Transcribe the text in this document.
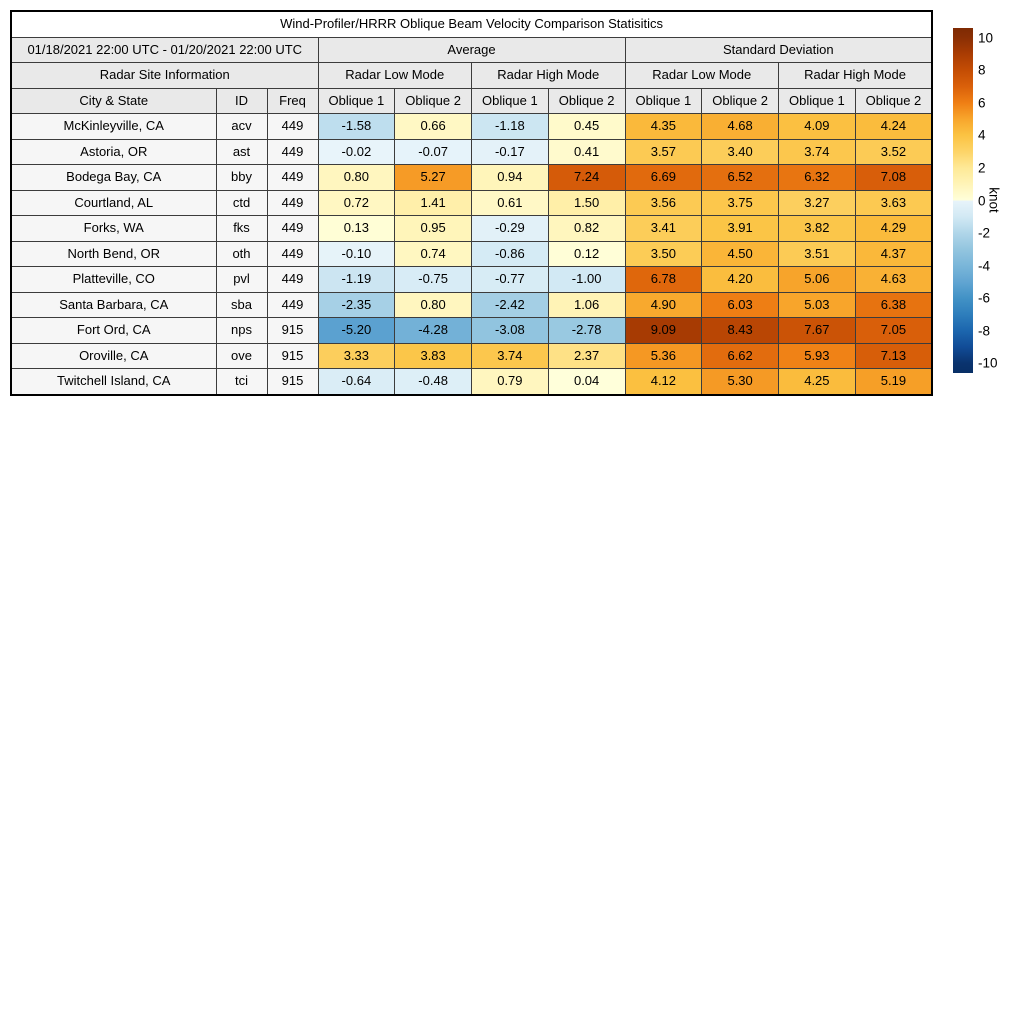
Wind-Profiler/HRRR Oblique Beam Velocity Comparison Statisitics										
01/18/2021 22:00 UTC - 01/20/2021 22:00 UTC			Average				Standard Deviation			
Radar Site Information			Radar Low Mode		Radar High Mode		Radar Low Mode		Radar High Mode	
City & State	ID	Freq	Oblique 1	Oblique 2	Oblique 1	Oblique 2	Oblique 1	Oblique 2	Oblique 1	Oblique 2
McKinleyville, CA	acv	449	-1.58	0.66	-1.18	0.45	4.35	4.68	4.09	4.24
Astoria, OR	ast	449	-0.02	-0.07	-0.17	0.41	3.57	3.40	3.74	3.52
Bodega Bay, CA	bby	449	0.80	5.27	0.94	7.24	6.69	6.52	6.32	7.08
Courtland, AL	ctd	449	0.72	1.41	0.61	1.50	3.56	3.75	3.27	3.63
Forks, WA	fks	449	0.13	0.95	-0.29	0.82	3.41	3.91	3.82	4.29
North Bend, OR	oth	449	-0.10	0.74	-0.86	0.12	3.50	4.50	3.51	4.37
Platteville, CO	pvl	449	-1.19	-0.75	-0.77	-1.00	6.78	4.20	5.06	4.63
Santa Barbara, CA	sba	449	-2.35	0.80	-2.42	1.06	4.90	6.03	5.03	6.38
Fort Ord, CA	nps	915	-5.20	-4.28	-3.08	-2.78	9.09	8.43	7.67	7.05
Oroville, CA	ove	915	3.33	3.83	3.74	2.37	5.36	6.62	5.93	7.13
Twitchell Island, CA	tci	915	-0.64	-0.48	0.79	0.04	4.12	5.30	4.25	5.19
10
8
6
4
2
0
-2
-4
-6
-8
-10
knot
